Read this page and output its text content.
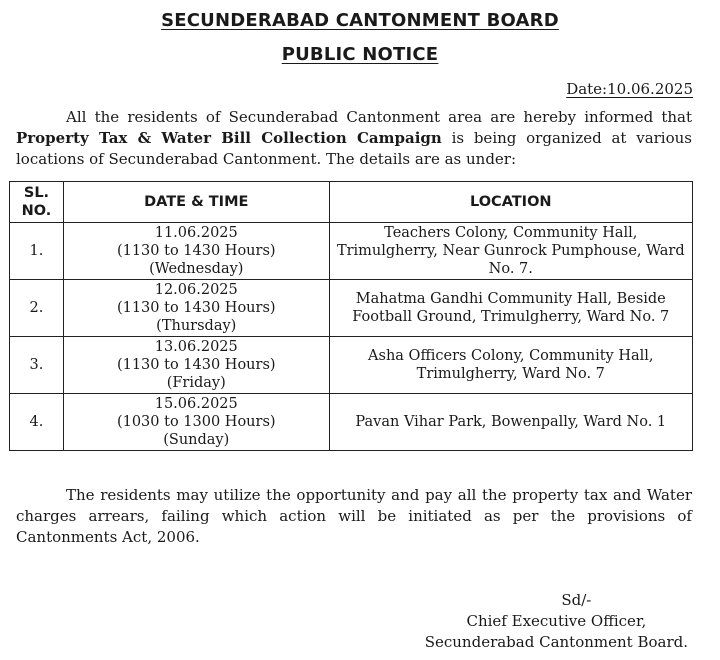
SECUNDERABAD CANTONMENT BOARD
PUBLIC NOTICE
Date:10.06.2025

All the residents of Secunderabad Cantonment area are hereby informed that Property Tax & Water Bill Collection Campaign is being organized at various locations of Secunderabad Cantonment. The details are as under:

SL. NO.	DATE & TIME	LOCATION
1.	11.06.2025
(1130 to 1430 Hours)
(Wednesday)	Teachers Colony, Community Hall, Trimulgherry, Near Gunrock Pumphouse, Ward No. 7.
2.	12.06.2025
(1130 to 1430 Hours)
(Thursday)	Mahatma Gandhi Community Hall, Beside Football Ground, Trimulgherry, Ward No. 7
3.	13.06.2025
(1130 to 1430 Hours)
(Friday)	Asha Officers Colony, Community Hall, Trimulgherry, Ward No. 7
4.	15.06.2025
(1030 to 1300 Hours)
(Sunday)	Pavan Vihar Park, Bowenpally, Ward No. 1

The residents may utilize the opportunity and pay all the property tax and Water charges arrears, failing which action will be initiated as per the provisions of Cantonments Act, 2006.

Sd/-
Chief Executive Officer,
Secunderabad Cantonment Board.
